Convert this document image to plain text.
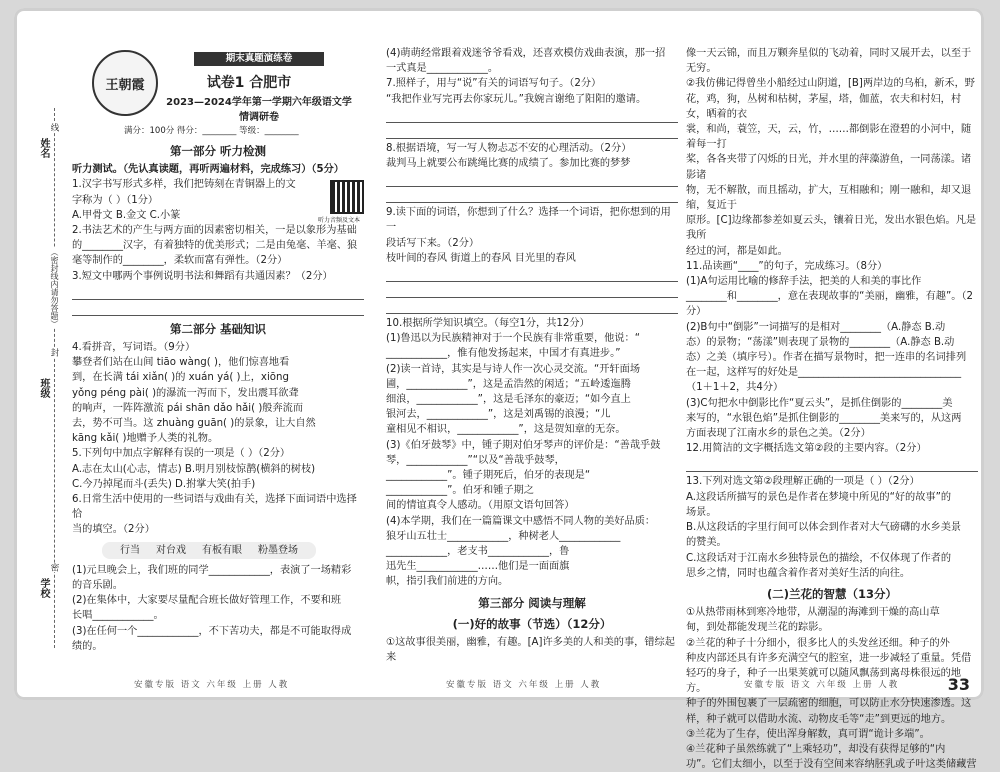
姓名
班级
学校
线
（密封线内请勿答题）
封
密
王朝霞
期末真题演练卷
试卷1 合肥市
2023—2024学年第一学期六年级语文学情调研卷
满分：100分 得分：________ 等级：________
听力音频及文本
第一部分 听力检测

听力测试。（先认真读题，再听两遍材料，完成练习）（5分）

1.汉字书写形式多样，我们把铸刻在青铜器上的文

字称为（ ）（1分）

A.甲骨文 B.金文 C.小篆

2.书法艺术的产生与两方面的因素密切相关，一是以象形为基础

的________汉字，有着独特的优美形式；二是由兔毫、羊毫、狼

毫等制作的________，柔软而富有弹性。（2分）

3.短文中哪两个事例说明书法和舞蹈有共通因素？（2分）

第二部分 基础知识

4.看拼音，写词语。（9分）

攀登者们站在山间 tiāo wàng( )，他们惊喜地看

到，在长满 tái xiǎn( )的 xuán yá( )上，xiōng

yǒng péng pài( )的瀑流一泻而下，发出震耳欲聋

的响声，一阵阵激流 pái shān dǎo hǎi( )般奔流而

去，势不可当。这 zhuàng guān( )的景象，让大自然

kāng kǎi( )地赠予人类的礼物。

5.下列句中加点字解释有误的一项是（ ）（2分）

A.志在太山(心志，情志) B.明月别枝惊鹊(横斜的树枝)

C.今乃掉尾而斗(丢失) D.拊掌大笑(拍手)

6.日常生活中使用的一些词语与戏曲有关，选择下面词语中选择恰

当的填空。（2分）

行当 对台戏 有板有眼 粉墨登场

(1)元旦晚会上，我们班的同学____________，表演了一场精彩

的音乐剧。

(2)在集体中，大家要尽量配合班长做好管理工作，不要和班

长唱____________。

(3)在任何一个____________，不下苦功夫，都是不可能取得成

绩的。

(4)萌萌经常跟着戏迷爷爷看戏，还喜欢模仿戏曲表演，那一招

一式真是____________。

7.照样子，用与“说”有关的词语写句子。（2分）

“我把作业写完再去你家玩儿。”我婉言谢绝了阳阳的邀请。

8.根据语境，写一写人物忐忑不安的心理活动。（2分）

裁判马上就要公布跳绳比赛的成绩了。参加比赛的梦梦

9.读下面的词语，你想到了什么？选择一个词语，把你想到的用一

段话写下来。（2分）

枝叶间的春风 街道上的春风 目光里的春风

10.根据所学知识填空。（每空1分，共12分）

(1)鲁迅以为民族精神对于一个民族有非常重要，他说：“

____________，惟有他发扬起来，中国才有真进步。”

(2)读一首诗，其实是与诗人作一次心灵交流。“开轩面场

圃，____________”，这是孟浩然的闲适；“五岭逶迤腾

细浪，____________”，这是毛泽东的豪迈；“如今直上

银河去，____________”，这是刘禹锡的浪漫；“儿

童相见不相识，____________”，这是贺知章的无奈。

(3)《伯牙鼓琴》中，锺子期对伯牙琴声的评价是：“善哉乎鼓

琴，____________”“以及“善哉乎鼓琴，

____________”。锺子期死后，伯牙的表现是“

____________”。伯牙和锺子期之

间的情谊真令人感动。（用原文语句回答）

(4)本学期，我们在一篇篇课文中感悟不同人物的美好品质：

狼牙山五壮士____________，种树老人____________

____________，老支书____________，鲁

迅先生____________……他们是一面面旗

帜，指引我们前进的方向。

第三部分 阅读与理解
(一)好的故事（节选）（12分）

①这故事很美丽，幽雅，有趣。[A]许多美的人和美的事，错综起来

像一天云锦，而且万颗奔星似的飞动着，同时又展开去，以至于无穷。

②我仿佛记得曾坐小船经过山阴道，[B]两岸边的乌桕，新禾，野

花，鸡，狗，丛树和枯树，茅屋，塔，伽蓝，农夫和村妇，村女，晒着的衣

裳，和尚，蓑笠，天，云，竹，……都倒影在澄碧的小河中，随着每一打

桨，各各夹带了闪烁的日光，并水里的萍藻游鱼，一同荡漾。诸影诸

物，无不解散，而且摇动，扩大，互相融和；刚一融和，却又退缩，复近于

原形。[C]边缘都参差如夏云头，镶着日光，发出水银色焰。凡是我所

经过的河，都是如此。

11.品读画“____”的句子，完成练习。（8分）

(1)A句运用比喻的修辞手法，把美的人和美的事比作

________和________，意在表现故事的“美丽，幽雅，有趣”。（2分）

(2)B句中“倒影”一词描写的是相对________（A.静态 B.动

态）的景物；“荡漾”则表现了景物的________（A.静态 B.动

态）之美（填序号）。作者在描写景物时，把一连串的名词排列

在一起，这样写的好处是________________________________

（1＋1＋2，共4分）

(3)C句把水中倒影比作“夏云头”，是抓住倒影的________美

来写的，“水银色焰”是抓住倒影的________美来写的，从这两

方面表现了江南水乡的景色之美。（2分）

12.用简洁的文字概括选文第②段的主要内容。（2分）

13.下列对选文第②段理解正确的一项是（ ）（2分）

A.这段话所描写的景色是作者在梦境中所见的“好的故事”的

场景。

B.从这段话的字里行间可以体会到作者对大气磅礴的水乡美景

的赞美。

C.这段话对于江南水乡独特景色的描绘，不仅体现了作者的

思乡之情，同时也蕴含着作者对美好生活的向往。

(二)兰花的智慧（13分）

①从热带雨林到寒冷地带，从潮湿的海滩到干燥的高山草

甸，到处都能发现兰花的踪影。

②兰花的种子十分细小，很多比人的头发丝还细。种子的外

种皮内部还具有许多充满空气的腔室，进一步减轻了重量。凭借

轻巧的身子，种子一出果荚就可以随风飘荡到离母株很远的地方。

种子的外围包裹了一层疏密的细胞，可以防止水分快速渗透。这

样，种子就可以借助水流、动物皮毛等“走”到更远的地方。

③兰花为了生存，使出浑身解数，真可谓“诡计多端”。

④兰花种子虽然练就了“上乘轻功”，却没有获得足够的“内

功”。它们太细小，以至于没有空间来容纳胚乳或子叶这类储藏营

安徽专版 语文 六年级 上册 人教	安徽专版 语文 六年级 上册 人教	安徽专版 语文 六年级 上册 人教	33
